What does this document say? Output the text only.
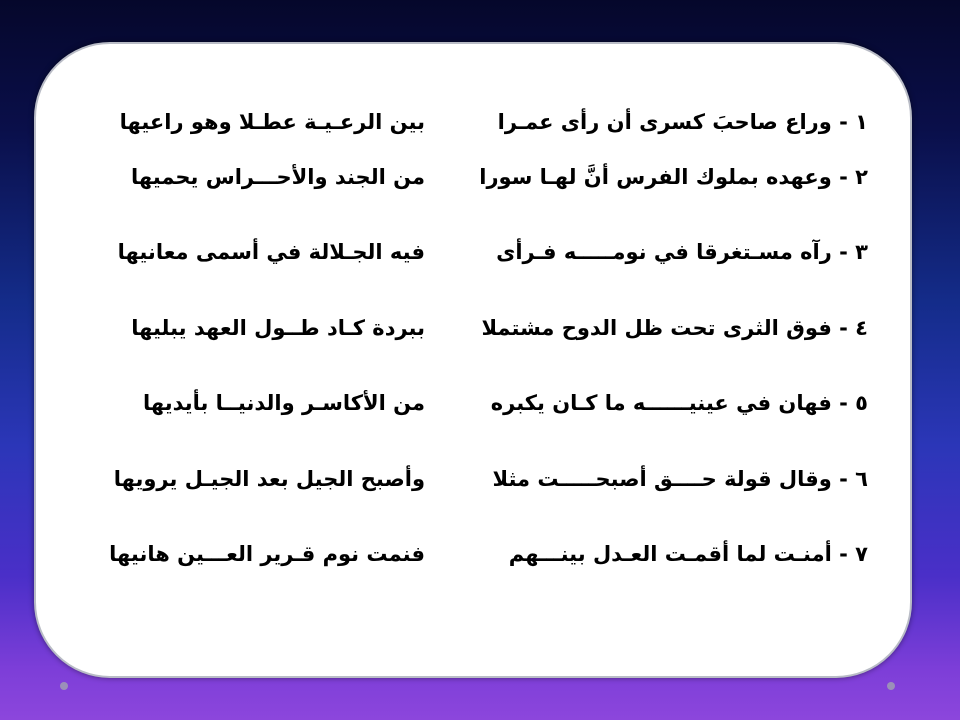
١ - وراع صاحبَ كسرى أن رأى عمـرا
بين الرعـيـة عطـلا وهو راعيها
٢ - وعهده بملوك الفرس أنَّ لهـا سورا
من الجند والأحـــراس يحميها
٣ - رآه مسـتغرقا في نومـــــه فـرأى
فيه الجـلالة في أسمى معانيها
٤ - فوق الثرى تحت ظل الدوح مشتملا
ببردة كـاد طــول العهد يبليها
٥ - فهان في عينيــــــه ما كـان يكبره
من الأكاسـر والدنيــا بأيديها
٦ - وقال قولة حــــق أصبحـــــت مثلا
وأصبح الجيل بعد الجيـل يرويها
٧ - أمنـت لما أقمـت العـدل بينـــهم
فنمت نوم قـرير العـــين هانيها
